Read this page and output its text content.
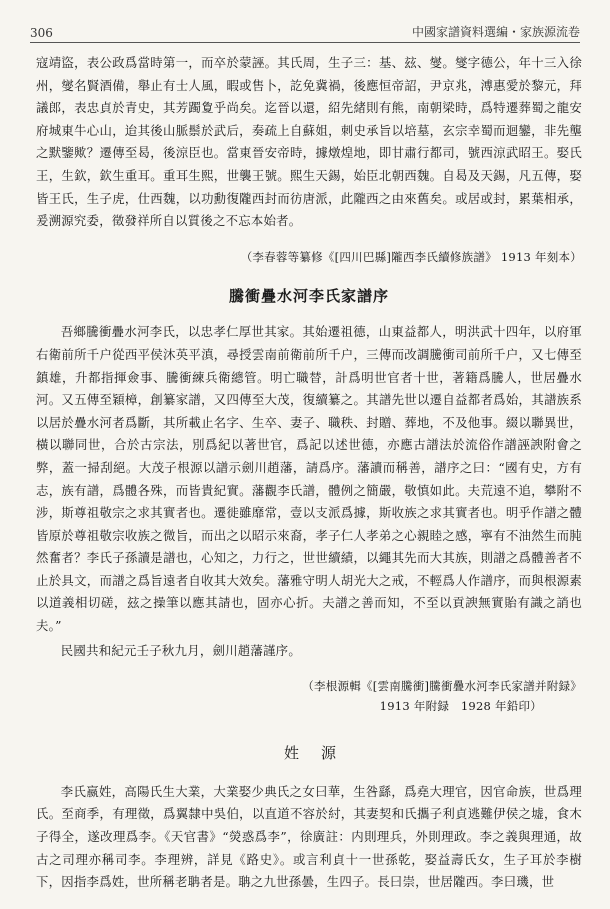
306	中國家譜資料選編・家族源流卷

寇靖盜，表公政爲當時第一，而卒於蒙誣。其氏周，生子三：基、玆、燮。燮字德公，年十三入徐州，燮名賢酒備，舉止有士人風，暇或售卜，訖免冀禍，後應恒帝詔，尹京兆，溥惠愛於黎元，拜議郎，表忠貞於青史，其芳躅夐乎尚矣。迄晉以還，紹先緒則有熊，南朝梁時，爲特遷葬蜀之龍安府城東牛心山，迨其後山脈鬃於武后，奏疏上自蘇姐，刺史承旨以培墓，玄宗幸蜀而迴鑾，非先壟之默鑒歟？遷傳至曷，後涼臣也。當東晉安帝時，據燉煌地，即甘肅行都司，號西涼武昭王。娶氏王，生欽，欽生重耳。重耳生熙，世襲王號。熙生天錫，始臣北朝西魏。自曷及天錫，凡五傳，娶皆王氏，生子虎，仕西魏，以功勳復隴西封而彷唐派，此隴西之由來舊矣。或居或封，累葉相承，爰溯源究委，徵發祥所自以質後之不忘本始者。

（李春蓉等纂修《[四川巴縣]隴西李氏續修族譜》 1913 年刻本）
騰衝疊水河李氏家譜序

吾鄉騰衝疊水河李氏，以忠孝仁厚世其家。其始遷祖德，山東益都人，明洪武十四年，以府軍右衛前所千户從西平侯沐英平滇，尋授雲南前衛前所千户，三傳而改調騰衝司前所千户，又七傳至鎮雄，升都指揮僉事、騰衝練兵衛總管。明亡職替，計爲明世官者十世，著籍爲騰人，世居疊水河。又五傳至穎樟，創纂家譜，又四傳至大茂，復續纂之。其譜先世以遷自益都者爲始，其譜族系以居於疊水河者爲斷，其所載止名字、生卒、妻子、職秩、封贈、葬地，不及他事。綴以聯異世，橫以聯同世，合於古宗法，別爲紀以著世官，爲記以述世德，亦應古譜法於流俗作譜誣諛附會之弊，蓋一掃刮絕。大茂子根源以譜示劍川趙藩，請爲序。藩讀而稱善，譜序之曰：“國有史，方有志，族有譜，爲體各殊，而皆貴紀實。藩觀李氏譜，體例之簡嚴，敬慎如此。夫荒遠不追，攀附不涉，斯尊祖敬宗之求其實者也。遷徙雖靡常，壹以支派爲據，斯收族之求其實者也。明乎作譜之體皆原於尊祖敬宗收族之微旨，而出之以昭示來裔，孝子仁人孝弟之心親睦之感，寧有不油然生而肫然奮者？李氏子孫讀是譜也，心知之，力行之，世世續績，以繩其先而大其族，則譜之爲體善者不止於具文，而譜之爲旨遠者自收其大效矣。藩雅守明人胡光大之戒，不輕爲人作譜序，而與根源素以道義相切磋，玆之操筆以應其請也，固亦心折。夫譜之善而知，不至以貢諛無實貽有識之誚也夫。”

民國共和紀元壬子秋九月，劍川趙藩謹序。

（李根源輯《[雲南騰衝]騰衝疊水河李氏家譜并附録》
1913 年附録　1928 年鉛印）
姓源

李氏嬴姓，高陽氏生大業，大業娶少典氏之女曰華，生咎繇，爲堯大理官，因官命族，世爲理氏。至商季，有理徵，爲翼隸中吳伯，以直道不容於紂，其妻契和氏攜子利貞逃難伊侯之墟，食木子得全，遂改理爲李。《天官書》“熒惑爲李”，徐廣註：内則理兵，外則理政。李之義與理通，故古之司理亦稱司李。李理辨，詳見《路史》。或言利貞十一世孫乾，娶益壽氏女，生子耳於李樹下，因指李爲姓，世所稱老聃者是。聃之九世孫曇，生四子。長曰崇，世居隴西。李曰璣，世
